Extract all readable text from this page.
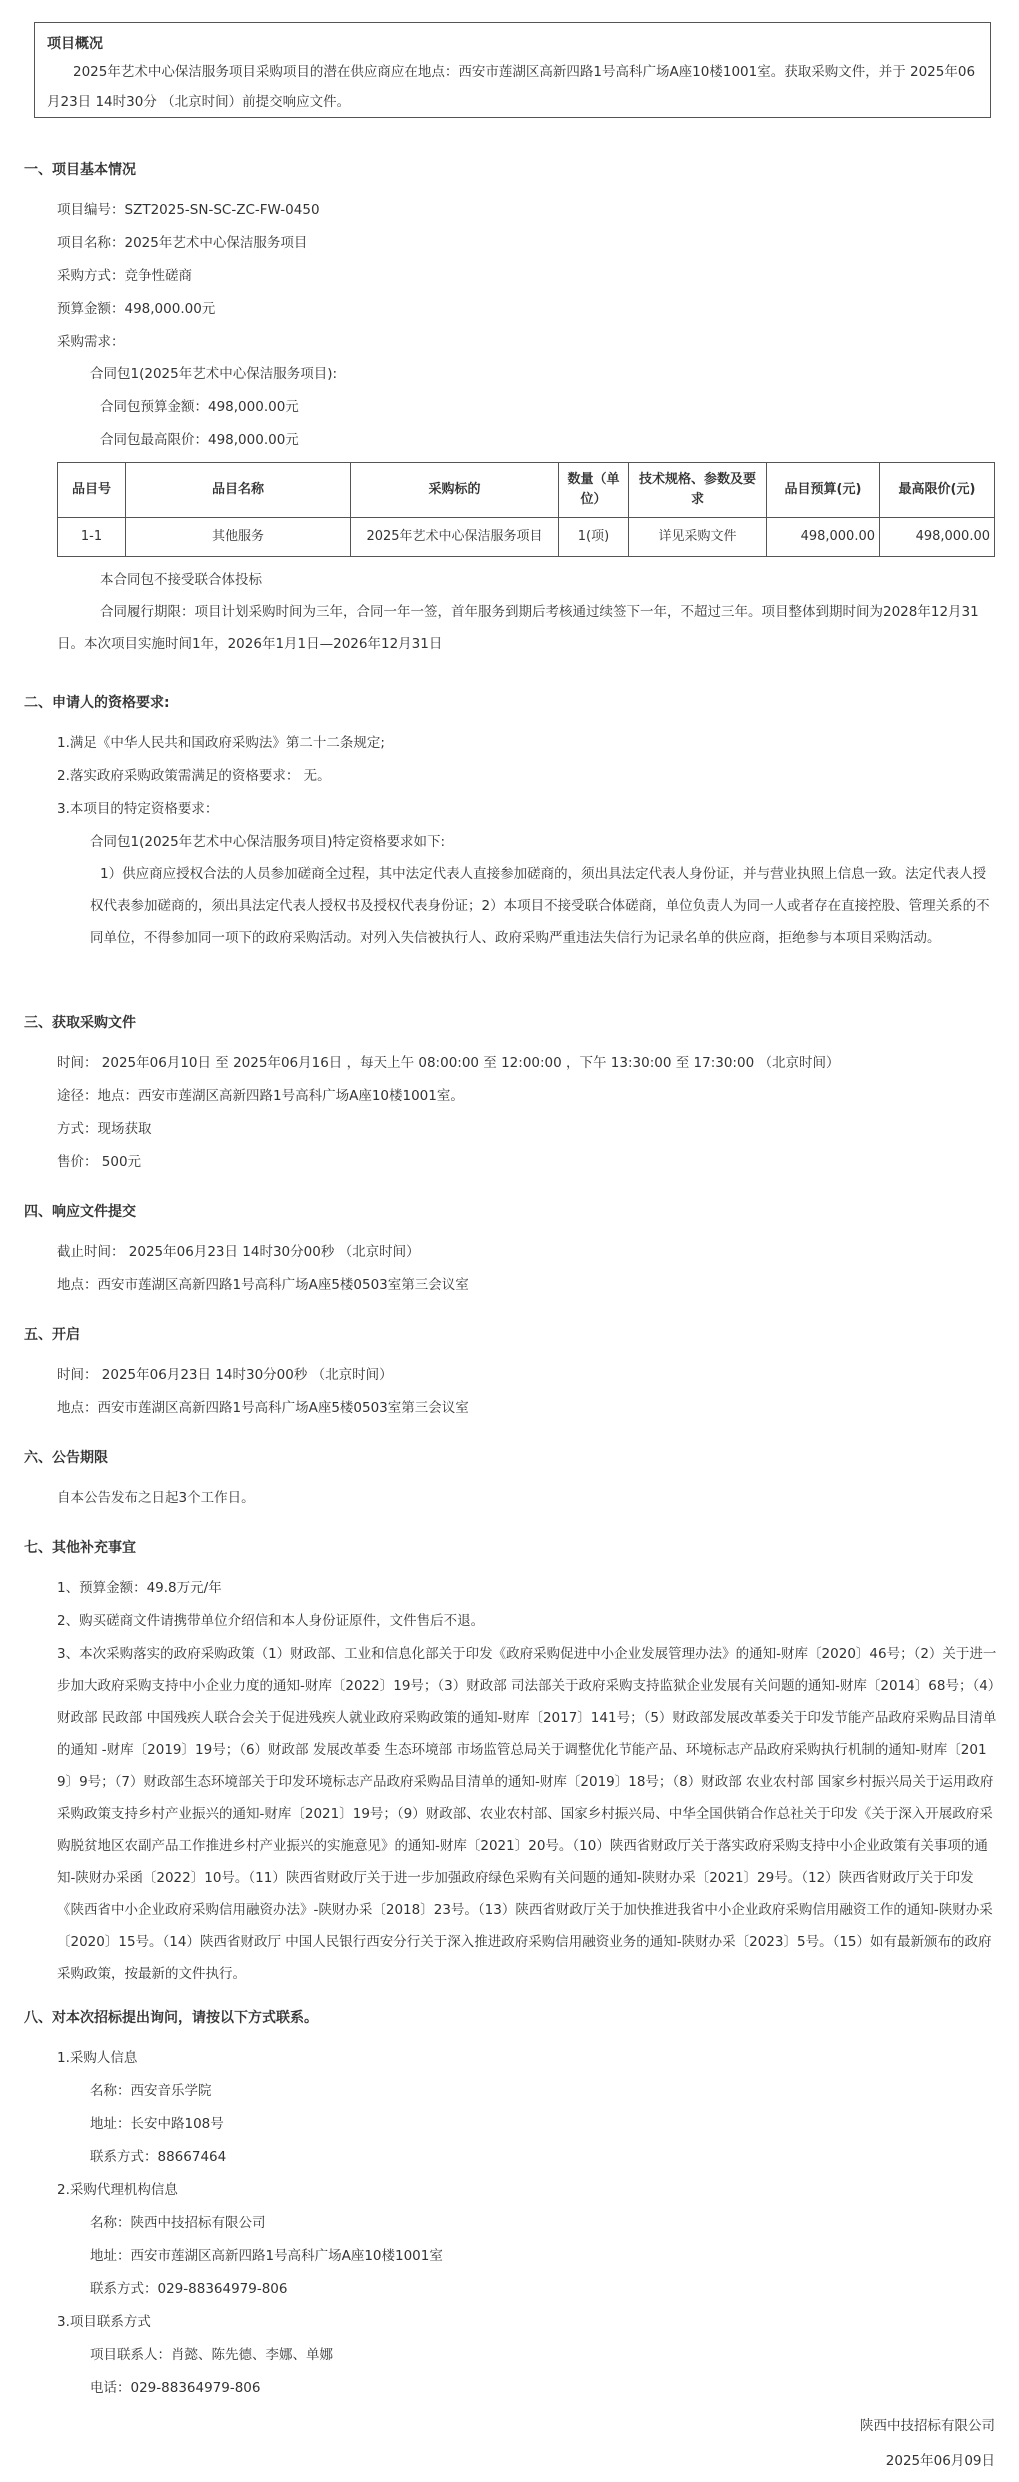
项目概况
2025年艺术中心保洁服务项目采购项目的潜在供应商应在地点：西安市莲湖区高新四路1号高科广场A座10楼1001室。获取采购文件，并于 2025年06月23日 14时30分 （北京时间）前提交响应文件。
一、项目基本情况
项目编号：SZT2025-SN-SC-ZC-FW-0450
项目名称：2025年艺术中心保洁服务项目
采购方式：竞争性磋商
预算金额：498,000.00元
采购需求：
合同包1(2025年艺术中心保洁服务项目):
合同包预算金额：498,000.00元
合同包最高限价：498,000.00元
品目号	品目名称	采购标的	数量（单位）	技术规格、参数及要求	品目预算(元)	最高限价(元)
1-1	其他服务	2025年艺术中心保洁服务项目	1(项)	详见采购文件	498,000.00	498,000.00
本合同包不接受联合体投标
合同履行期限：项目计划采购时间为三年，合同一年一签，首年服务到期后考核通过续签下一年，不超过三年。项目整体到期时间为2028年12月31日。本次项目实施时间1年，2026年1月1日—2026年12月31日
二、申请人的资格要求:
1.满足《中华人民共和国政府采购法》第二十二条规定;
2.落实政府采购政策需满足的资格要求： 无。
3.本项目的特定资格要求：
合同包1(2025年艺术中心保洁服务项目)特定资格要求如下:
1）供应商应授权合法的人员参加磋商全过程，其中法定代表人直接参加磋商的，须出具法定代表人身份证，并与营业执照上信息一致。法定代表人授权代表参加磋商的，须出具法定代表人授权书及授权代表身份证；2）本项目不接受联合体磋商，单位负责人为同一人或者存在直接控股、管理关系的不同单位，不得参加同一项下的政府采购活动。对列入失信被执行人、政府采购严重违法失信行为记录名单的供应商，拒绝参与本项目采购活动。
三、获取采购文件
时间： 2025年06月10日 至 2025年06月16日 ，每天上午 08:00:00 至 12:00:00 ，下午 13:30:00 至 17:30:00 （北京时间）
途径：地点：西安市莲湖区高新四路1号高科广场A座10楼1001室。
方式：现场获取
售价： 500元
四、响应文件提交
截止时间： 2025年06月23日 14时30分00秒 （北京时间）
地点：西安市莲湖区高新四路1号高科广场A座5楼0503室第三会议室
五、开启
时间： 2025年06月23日 14时30分00秒 （北京时间）
地点：西安市莲湖区高新四路1号高科广场A座5楼0503室第三会议室
六、公告期限
自本公告发布之日起3个工作日。
七、其他补充事宜
1、预算金额：49.8万元/年
2、购买磋商文件请携带单位介绍信和本人身份证原件，文件售后不退。
3、本次采购落实的政府采购政策（1）财政部、工业和信息化部关于印发《政府采购促进中小企业发展管理办法》的通知-财库〔2020〕46号；（2）关于进一步加大政府采购支持中小企业力度的通知-财库〔2022〕19号；（3）财政部 司法部关于政府采购支持监狱企业发展有关问题的通知-财库〔2014〕68号；（4）财政部 民政部 中国残疾人联合会关于促进残疾人就业政府采购政策的通知-财库〔2017〕141号；（5）财政部发展改革委关于印发节能产品政府采购品目清单的通知 -财库〔2019〕19号；（6）财政部 发展改革委 生态环境部 市场监管总局关于调整优化节能产品、环境标志产品政府采购执行机制的通知-财库〔2019〕9号；（7）财政部生态环境部关于印发环境标志产品政府采购品目清单的通知-财库〔2019〕18号；（8）财政部 农业农村部 国家乡村振兴局关于运用政府采购政策支持乡村产业振兴的通知-财库〔2021〕19号；（9）财政部、农业农村部、国家乡村振兴局、中华全国供销合作总社关于印发《关于深入开展政府采购脱贫地区农副产品工作推进乡村产业振兴的实施意见》的通知-财库〔2021〕20号。（10）陕西省财政厅关于落实政府采购支持中小企业政策有关事项的通知-陕财办采函〔2022〕10号。（11）陕西省财政厅关于进一步加强政府绿色采购有关问题的通知-陕财办采〔2021〕29号。（12）陕西省财政厅关于印发《陕西省中小企业政府采购信用融资办法》-陕财办采〔2018〕23号。（13）陕西省财政厅关于加快推进我省中小企业政府采购信用融资工作的通知-陕财办采〔2020〕15号。（14）陕西省财政厅 中国人民银行西安分行关于深入推进政府采购信用融资业务的通知-陕财办采〔2023〕5号。（15）如有最新颁布的政府采购政策，按最新的文件执行。
八、对本次招标提出询问，请按以下方式联系。
1.采购人信息
名称：西安音乐学院
地址：长安中路108号
联系方式：88667464
2.采购代理机构信息
名称：陕西中技招标有限公司
地址：西安市莲湖区高新四路1号高科广场A座10楼1001室
联系方式：029-88364979-806
3.项目联系方式
项目联系人：肖懿、陈先德、李娜、单娜
电话：029-88364979-806
陕西中技招标有限公司
2025年06月09日
